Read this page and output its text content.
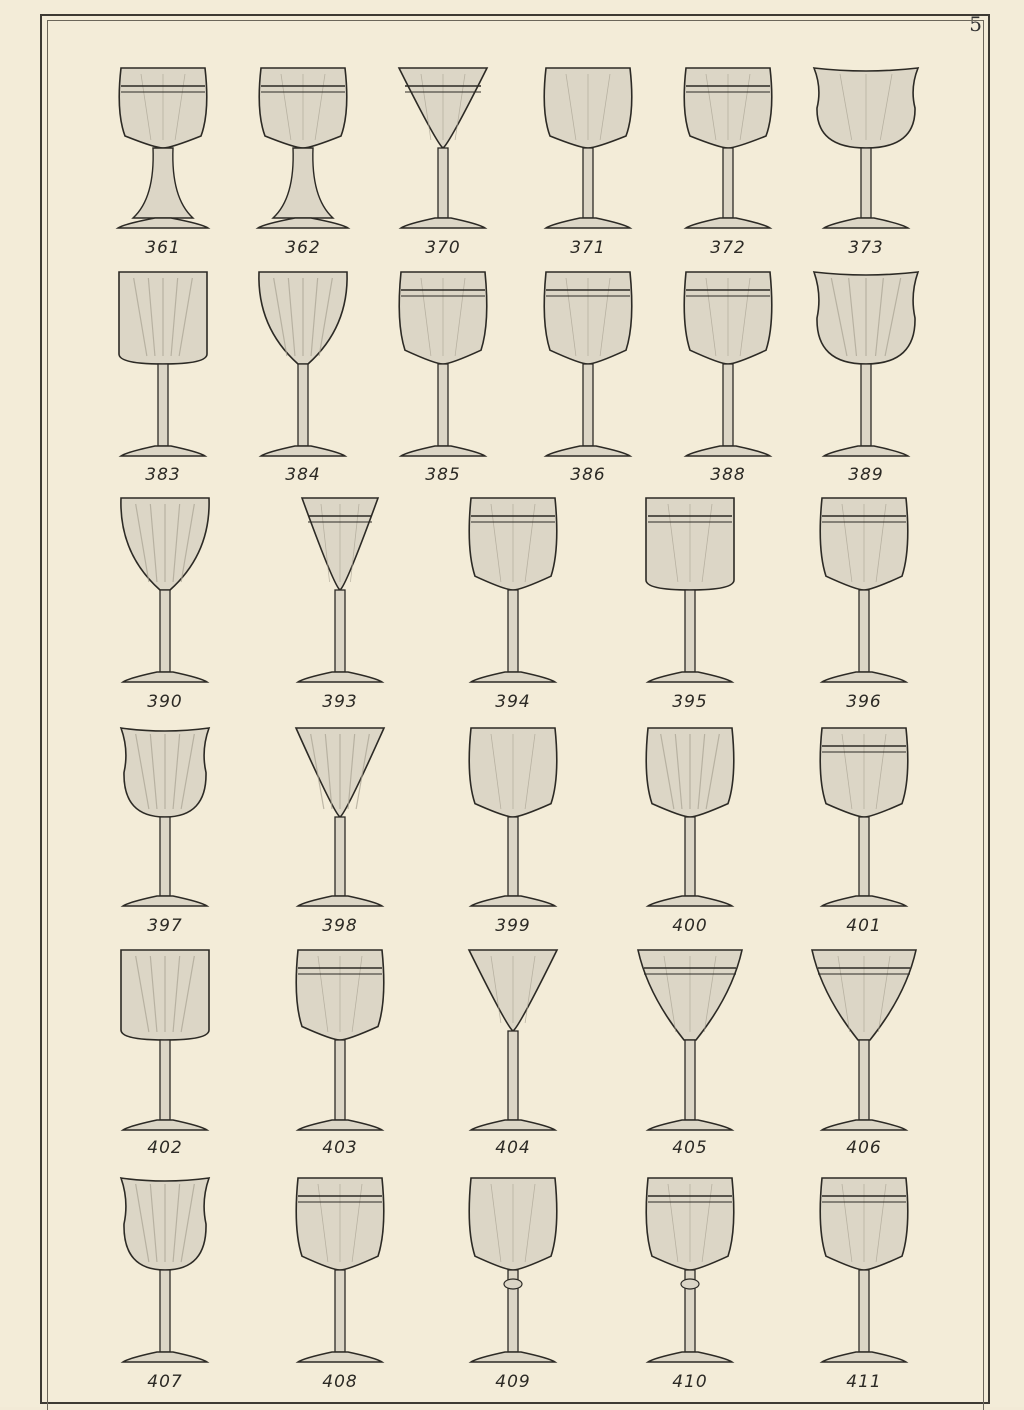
5
361	362	370	371	372	373
383	384	385	386	388	389
390	393	394	395	396
397	398	399	400	401
402	403	404	405	406
407	408	409	410	411
